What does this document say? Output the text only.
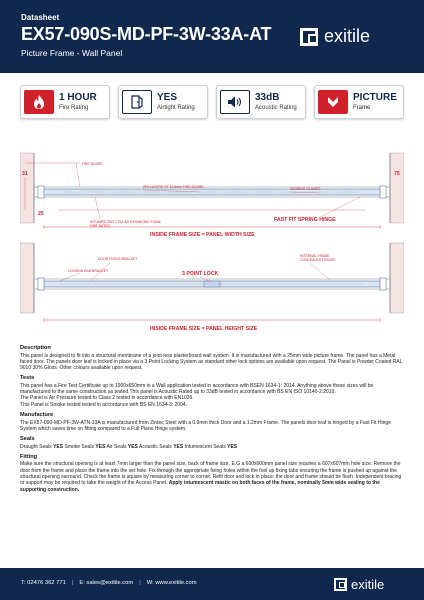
Datasheet
EX57-090S-MD-PF-3W-33A-AT
Picture Frame - Wall Panel
exitile
1 HOUR
Fire Rating
YES
Airtight Rating
33dB
Acoustic Rating
PICTURE
Frame
31	75
25
FIRE BOARD
2X9 LAYERS OF 12.5mm FIRE BOARD	HEARING CLAMPS
INTUMESCENT COLLAR
FIRE RATED
EXPANDING FOAM	FAST FIT SPRING HINGE
INSIDE FRAME SIZE = PANEL WIDTH SIZE
DOOR FIXING BRACKET
LOCKING BAR BRACKET
INTERNAL FRAME
CONCEALED FIXINGS
3 POINT LOCK
INSIDE FRAME SIZE = PANEL HEIGHT SIZE
Description

This panel is designed to fit into a structural membrane of a joint-less plasterboard wall system. It is manufactured with a 25mm wide picture frame. The panel has a Metal faced door. The panels door leaf is locked in place via a 3 Point Locking System as standard other lock options are available upon request. The Panel is Powder Coated RAL 9010 30% Gloss. Other colours available upon request.

Tests

This panel has a Fire Test Certificate up to 1900x650mm in a Wall application tested in accordance with BSEN 1634-1: 2014. Anything above these sizes will be manufactured to the same construction as tested.This panel is Acoustic Rated up to 33dB tested in accordance with BS EN ISO 10140-2:2010.
The Panel is Air Pressure tested to Class 2 tested in accordance with EN1026.
This Panel is Smoke tested tested in accordance with BS EN 1634-3: 2004.

Manufacture

The EX57-090-MD-PF-3W-ATN-33A is manufactured from Zintec Steel with a 0.9mm thick Door and a 1.2mm Frame. The panels door leaf is hinged by a Fast Fit Hinge System which saves time on fitting compared to a Full Piano Hinge system.

Seals

Draught Seals YES Smoke Seals YES Air Seals YES Acoustic Seals YES Intumescent Seals YES

Fitting

Make sure the structural opening is at least 7mm larger than the panel size, back of frame size. E.G a 600x600mm panel size requires a 607x607mm hole size. Remove the door from the frame and place the frame into the set hole. Fix through the appropriate fixing holes within the fool up fixing tabs ensuring the frame is pushed up against the structural opening surround. Check the frame is square by measuring corner to corner. Refit door and lock in place; the door and frame should be flush. Independent bracing or support may be required to take the weight of the Access Panel. Apply intumescent mastic on both faces of the frame, nominally 5mm wide sealing to the supporting construction.

T: 02476 362 771 | E: sales@exitile.com | W: www.exitile.com	exitile
